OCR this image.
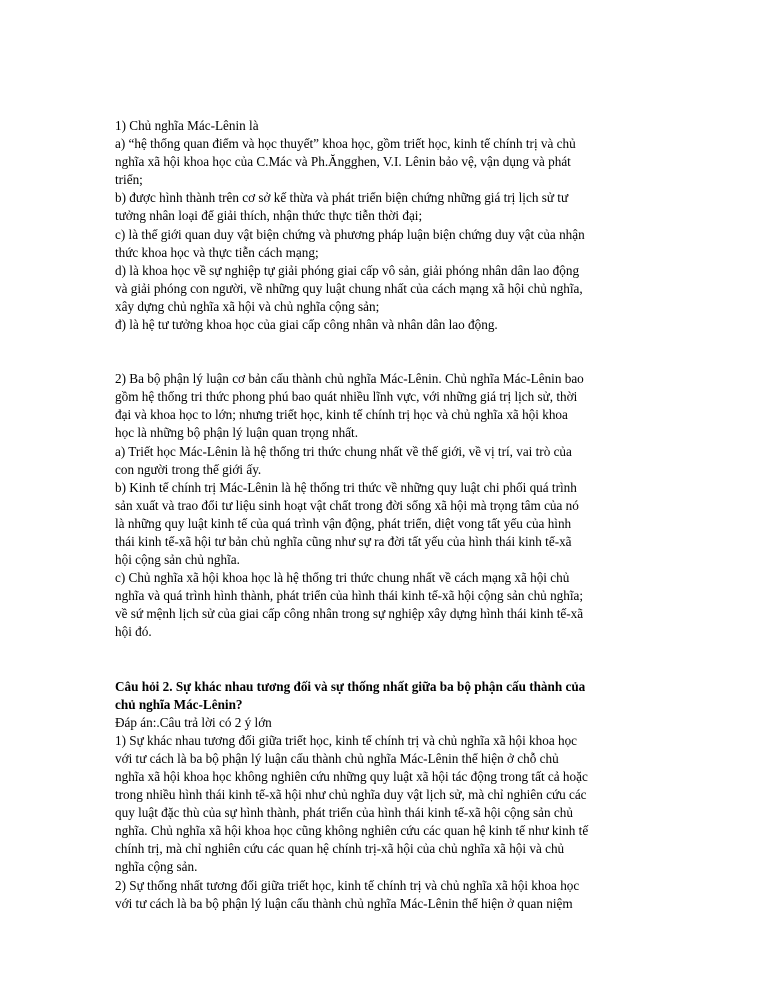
1) Chủ nghĩa Mác-Lênin là
a) “hệ thống quan điểm và học thuyết” khoa học, gồm triết học, kinh tế chính trị và chủ
nghĩa xã hội khoa học của C.Mác và Ph.Ăngghen, V.I. Lênin bảo vệ, vận dụng và phát
triển;
b) được hình thành trên cơ sở kế thừa và phát triển biện chứng những giá trị lịch sử tư
tưởng nhân loại để giải thích, nhận thức thực tiễn thời đại;
c) là thế giới quan duy vật biện chứng và phương pháp luận biện chứng duy vật của nhận
thức khoa học và thực tiễn cách mạng;
d) là khoa học về sự nghiệp tự giải phóng giai cấp vô sản, giải phóng nhân dân lao động
và giải phóng con người, về những quy luật chung nhất của cách mạng xã hội chủ nghĩa,
xây dựng chủ nghĩa xã hội và chủ nghĩa cộng sản;
đ) là hệ tư tưởng khoa học của giai cấp công nhân và nhân dân lao động.
2) Ba bộ phận lý luận cơ bản cấu thành chủ nghĩa Mác-Lênin. Chủ nghĩa Mác-Lênin bao
gồm hệ thống tri thức phong phú bao quát nhiều lĩnh vực, với những giá trị lịch sử, thời
đại và khoa học to lớn; nhưng triết học, kinh tế chính trị học và chủ nghĩa xã hội khoa
học là những bộ phận lý luận quan trọng nhất.
a) Triết học Mác-Lênin là hệ thống tri thức chung nhất về thế giới, về vị trí, vai trò của
con người trong thế giới ấy.
b) Kinh tế chính trị Mác-Lênin là hệ thống tri thức về những quy luật chi phối quá trình
sản xuất và trao đổi tư liệu sinh hoạt vật chất trong đời sống xã hội mà trọng tâm của nó
là những quy luật kinh tế của quá trình vận động, phát triển, diệt vong tất yếu của hình
thái kinh tế-xã hội tư bản chủ nghĩa cũng như sự ra đời tất yếu của hình thái kinh tế-xã
hội cộng sản chủ nghĩa.
c) Chủ nghĩa xã hội khoa học là hệ thống tri thức chung nhất về cách mạng xã hội chủ
nghĩa và quá trình hình thành, phát triển của hình thái kinh tế-xã hội cộng sản chủ nghĩa;
về sứ mệnh lịch sử của giai cấp công nhân trong sự nghiệp xây dựng hình thái kinh tế-xã
hội đó.
Câu hỏi 2. Sự khác nhau tương đối và sự thống nhất giữa ba bộ phận cấu thành của
chủ nghĩa Mác-Lênin?
Đáp án:.Câu trả lời có 2 ý lớn
1) Sự khác nhau tương đối giữa triết học, kinh tế chính trị và chủ nghĩa xã hội khoa học
với tư cách là ba bộ phận lý luận cấu thành chủ nghĩa Mác-Lênin thể hiện ở chỗ chủ
nghĩa xã hội khoa học không nghiên cứu những quy luật xã hội tác động trong tất cả hoặc
trong nhiều hình thái kinh tế-xã hội như chủ nghĩa duy vật lịch sử, mà chỉ nghiên cứu các
quy luật đặc thù của sự hình thành, phát triển của hình thái kinh tế-xã hội cộng sản chủ
nghĩa. Chủ nghĩa xã hội khoa học cũng không nghiên cứu các quan hệ kinh tế như kinh tế
chính trị, mà chỉ nghiên cứu các quan hệ chính trị-xã hội của chủ nghĩa xã hội và chủ
nghĩa cộng sản.
2) Sự thống nhất tương đối giữa triết học, kinh tế chính trị và chủ nghĩa xã hội khoa học
với tư cách là ba bộ phận lý luận cấu thành chủ nghĩa Mác-Lênin thể hiện ở quan niệm
